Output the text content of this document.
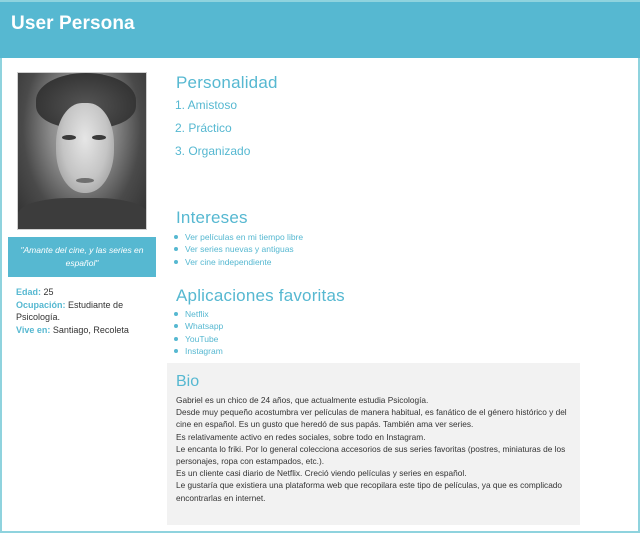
User Persona
"Amante del cine, y las series en español"
Edad: 25
Ocupación: Estudiante de Psicología.
Vive en: Santiago, Recoleta
Personalidad
1. Amistoso
2. Práctico
3. Organizado
Intereses
Ver películas en mi tiempo libre
Ver series nuevas y antiguas
Ver cine independiente
Aplicaciones favoritas
Netflix
Whatsapp
YouTube
Instagram
Bio
Gabriel es un chico de 24 años, que actualmente estudia Psicología.
Desde muy pequeño acostumbra ver películas de manera habitual, es fanático de el género histórico y del cine en español. Es un gusto que heredó de sus papás. También ama ver series.
Es relativamente activo en redes sociales, sobre todo en Instagram.
Le encanta lo friki. Por lo general colecciona accesorios de sus series favoritas (postres, miniaturas de los personajes, ropa con estampados, etc.).
Es un cliente casi diario de Netflix. Creció viendo películas y series en español.
Le gustaría que existiera una plataforma web que recopilara este tipo de películas, ya que es complicado encontrarlas en internet.
